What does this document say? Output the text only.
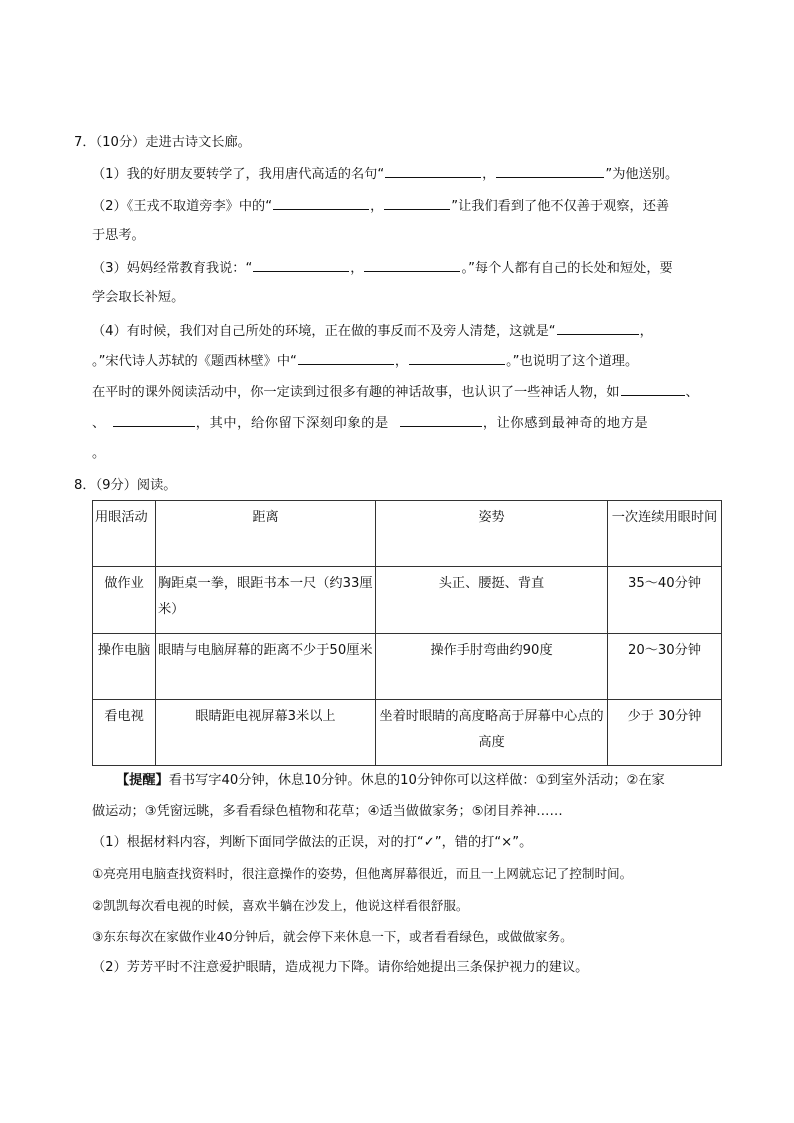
7．（10分）走进古诗文长廊。
（1）我的好朋友要转学了，我用唐代高适的名句“	，	”为他送别。
（2）《王戎不取道旁李》中的“	，	”让我们看到了他不仅善于观察，还善
于思考。
（3）妈妈经常教育我说：“	，	。”每个人都有自己的长处和短处，要
学会取长补短。
（4）有时候，我们对自己所处的环境，正在做的事反而不及旁人清楚，这就是“	，
。”宋代诗人苏轼的《题西林壁》中“	，	。”也说明了这个道理。
在平时的课外阅读活动中，你一定读到过很多有趣的神话故事，也认识了一些神话人物，如	、
、	，其中，给你留下深刻印象的是	，让你感到最神奇的地方是
。
8．（9分）阅读。
用眼活动	距离	姿势	一次连续用眼时间
做作业	胸距桌一拳，眼距书本一尺（约33厘米）	头正、腰挺、背直	35～40分钟
操作电脑	眼睛与电脑屏幕的距离不少于50厘米	操作手肘弯曲约90度	20～30分钟
看电视	眼睛距电视屏幕3米以上	坐着时眼睛的高度略高于屏幕中心点的高度	少于 30分钟
【提醒】看书写字40分钟，休息10分钟。休息的10分钟你可以这样做：①到室外活动；②在家
做运动；③凭窗远眺，多看看绿色植物和花草；④适当做做家务；⑤闭目养神……
（1）根据材料内容，判断下面同学做法的正误，对的打“✓”，错的打“×”。
①亮亮用电脑查找资料时，很注意操作的姿势，但他离屏幕很近，而且一上网就忘记了控制时间。
②凯凯每次看电视的时候，喜欢半躺在沙发上，他说这样看很舒服。
③东东每次在家做作业40分钟后，就会停下来休息一下，或者看看绿色，或做做家务。
（2）芳芳平时不注意爱护眼睛，造成视力下降。请你给她提出三条保护视力的建议。
